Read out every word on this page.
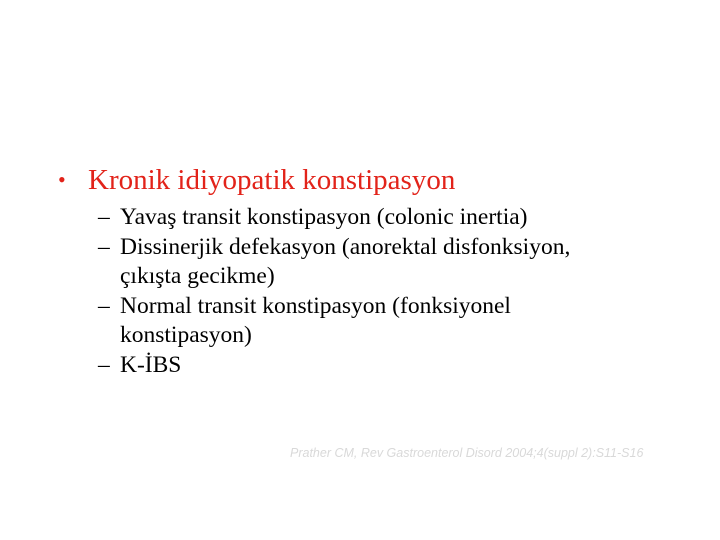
• Kronik idiyopatik konstipasyon
– Yavaş transit konstipasyon (colonic inertia)
– Dissinerjik defekasyon (anorektal disfonksiyon,
çıkışta gecikme)
– Normal transit konstipasyon (fonksiyonel
konstipasyon)
– K-İBS
Prather CM, Rev Gastroenterol Disord 2004;4(suppl 2):S11-S16
